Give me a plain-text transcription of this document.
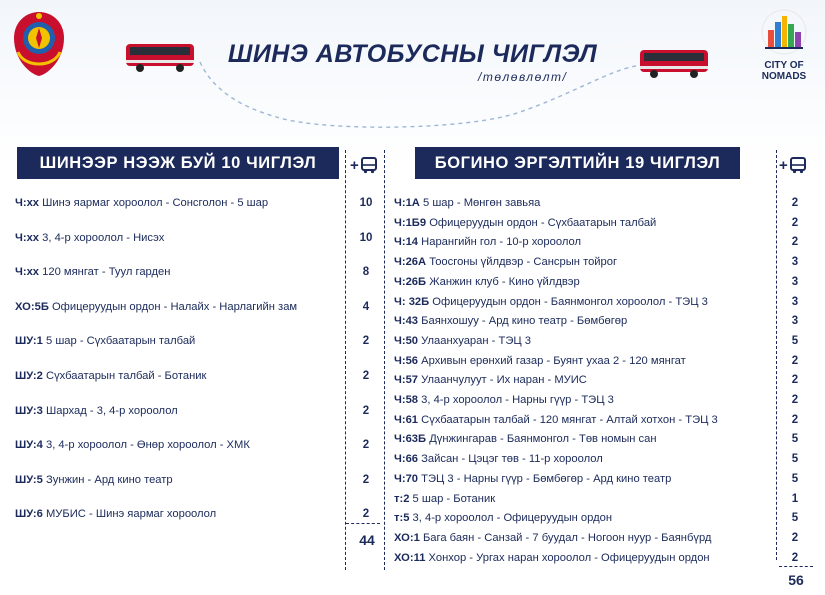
CITY OF NOMADS
ШИНЭ АВТОБУСНЫ ЧИГЛЭЛ
/төлөвлөлт/
ШИНЭЭР НЭЭЖ БУЙ 10 ЧИГЛЭЛ	БОГИНО ЭРГЭЛТИЙН 19 ЧИГЛЭЛ
+	+
Ч:хх Шинэ яармаг хороолол - Сонсголон - 5 шар	10
Ч:хх 3, 4-р хороолол - Нисэх	10
Ч:хх 120 мянгат - Туул гарден	8
ХО:5Б Офицеруудын ордон - Налайх - Нарлагийн зам	4
ШУ:1 5 шар - Сүхбаатарын талбай	2
ШУ:2 Сүхбаатарын талбай - Ботаник	2
ШУ:3 Шархад - 3, 4-р хороолол	2
ШУ:4 3, 4-р хороолол - Өнөр хороолол - ХМК	2
ШУ:5 Зунжин - Ард кино театр	2
ШУ:6 МУБИС - Шинэ яармаг хороолол	2
Ч:1А 5 шар - Мөнгөн завьяа	2
Ч:1Б9 Офицеруудын ордон - Сүхбаатарын талбай	2
Ч:14 Нарангийн гол - 10-р хороолол	2
Ч:26А Тоосгоны үйлдвэр - Сансрын тойрог	3
Ч:26Б Жанжин клуб - Кино үйлдвэр	3
Ч: 32Б Офицеруудын ордон - Баянмонгол хороолол - ТЭЦ 3	3
Ч:43 Баянхошуу - Ард кино театр - Бөмбөгөр	3
Ч:50 Улаанхуаран - ТЭЦ 3	5
Ч:56 Архивын ерөнхий газар - Буянт ухаа 2 - 120 мянгат	2
Ч:57 Улаанчулуут - Их наран - МУИС	2
Ч:58 3, 4-р хороолол - Нарны гүүр - ТЭЦ 3	2
Ч:61 Сүхбаатарын талбай - 120 мянгат - Алтай хотхон - ТЭЦ 3	2
Ч:63Б Дүнжингарав - Баянмонгол - Төв номын сан	5
Ч:66 Зайсан - Цэцэг төв - 11-р хороолол	5
Ч:70 ТЭЦ 3 - Нарны гүүр - Бөмбөгөр - Ард кино театр	5
т:2 5 шар - Ботаник	1
т:5 3, 4-р хороолол - Офицеруудын ордон	5
ХО:1 Бага баян - Санзай - 7 буудал - Ногоон нуур - Баянбүрд	2
ХО:11 Хонхор - Ургах наран хороолол - Офицеруудын ордон	2
44
56
